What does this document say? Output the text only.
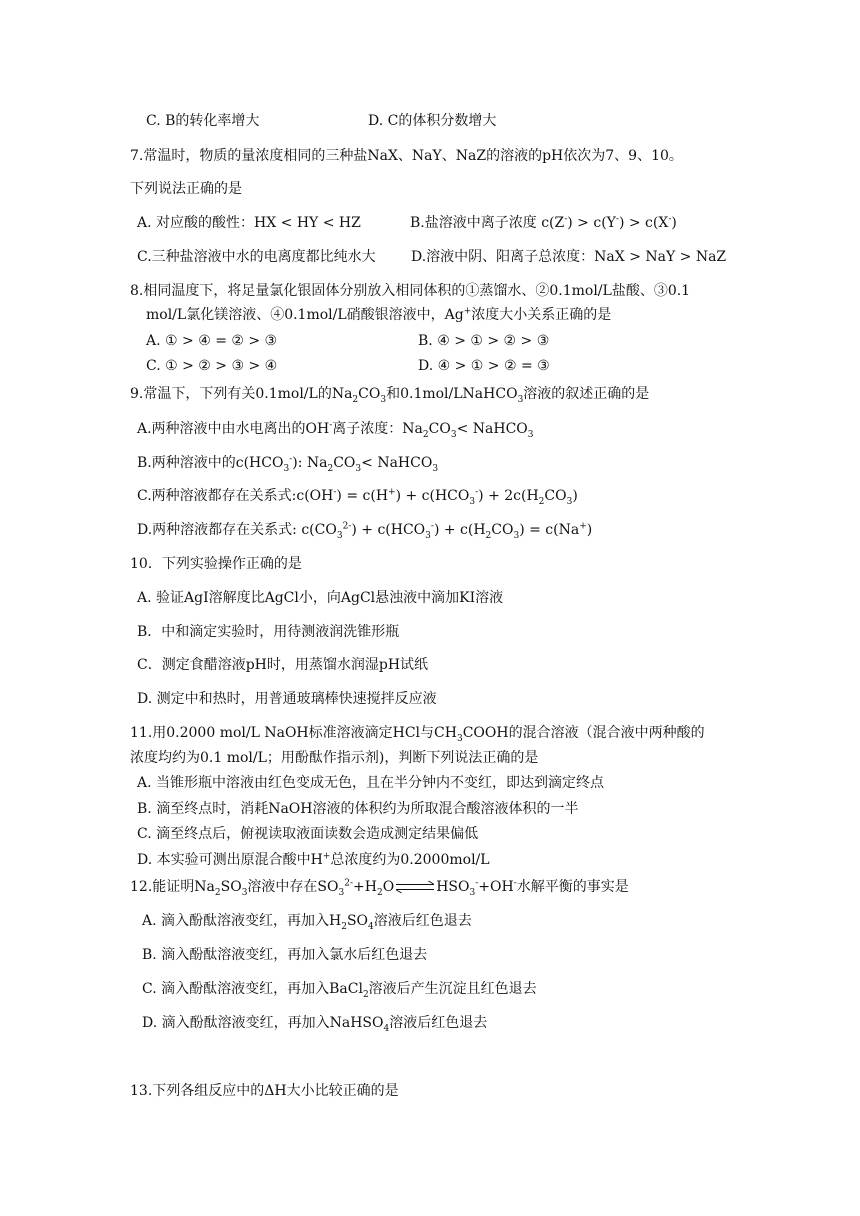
C. B的转化率增大	D. C的体积分数增大
7.常温时，物质的量浓度相同的三种盐NaX、NaY、NaZ的溶液的pH依次为7、9、10。
下列说法正确的是
A. 对应酸的酸性：HX < HY < HZ	B.盐溶液中离子浓度 c(Z-) > c(Y-) > c(X-)
C.三种盐溶液中水的电离度都比纯水大	D.溶液中阴、阳离子总浓度：NaX > NaY > NaZ
8.相同温度下，将足量氯化银固体分别放入相同体积的①蒸馏水、②0.1mol/L盐酸、③0.1
mol/L氯化镁溶液、④0.1mol/L硝酸银溶液中，Ag+浓度大小关系正确的是
A. ① > ④ = ② > ③	B. ④ > ① > ② > ③
C. ① > ② > ③ > ④	D. ④ > ① > ② = ③
9.常温下，下列有关0.1mol/L的$Na_2CO_3$和0.1mol/LNaHCO$_3$溶液的叙述正确的是
A.两种溶液中由水电离出的OH-离子浓度：$Na_2CO_3<$ NaHCO$_3$
B.两种溶液中的$c(HCO_3^-)$: $Na_2CO_3<$ NaHCO$_3$
C.两种溶液都存在关系式:c(OH-) = $c(H^+) + c(HCO_3^-) + 2c(H_2CO_3)$
D.两种溶液都存在关系式: $c(CO_3^{2-}) + c(HCO_3^-) + c(H_2CO_3) = c(Na^+)$
10．下列实验操作正确的是
A. 验证AgI溶解度比AgCl小，向AgCl悬浊液中滴加KI溶液
B．中和滴定实验时，用待测液润洗锥形瓶
C．测定食醋溶液pH时，用蒸馏水润湿pH试纸
D. 测定中和热时，用普通玻璃棒快速搅拌反应液
11.用0.2000 mol/L NaOH标准溶液滴定HCl与$CH_3COOH$的混合溶液（混合液中两种酸的
浓度均约为0.1 mol/L；用酚酞作指示剂)，判断下列说法正确的是
A. 当锥形瓶中溶液由红色变成无色，且在半分钟内不变红，即达到滴定终点
B. 滴至终点时，消耗NaOH溶液的体积约为所取混合酸溶液体积的一半
C. 滴至终点后，俯视读取液面读数会造成测定结果偏低
D. 本实验可测出原混合酸中H+总浓度约为0.2000mol/L
12.能证明$Na_2SO_3$溶液中存在$SO_3^{2-}+H_2O$	$HSO_3^-+OH^-$水解平衡的事实是
A. 滴入酚酞溶液变红，再加入$H_2SO_4$溶液后红色退去
B. 滴入酚酞溶液变红，再加入氯水后红色退去
C. 滴入酚酞溶液变红，再加入BaCl$_2$溶液后产生沉淀且红色退去
D. 滴入酚酞溶液变红，再加入NaHSO$_4$溶液后红色退去
13.下列各组反应中的ΔH大小比较正确的是
